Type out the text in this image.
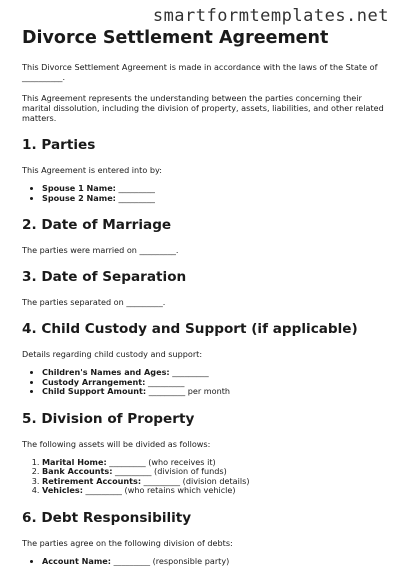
smartformtemplates.net
Divorce Settlement Agreement

This Divorce Settlement Agreement is made in accordance with the laws of the State of __________.

This Agreement represents the understanding between the parties concerning their marital dissolution, including the division of property, assets, liabilities, and other related matters.

1. Parties

This Agreement is entered into by:

• Spouse 1 Name: _________
• Spouse 2 Name: _________
2. Date of Marriage

The parties were married on _________.

3. Date of Separation

The parties separated on _________.

4. Child Custody and Support (if applicable)

Details regarding child custody and support:

• Children's Names and Ages: _________
• Custody Arrangement: _________
• Child Support Amount: _________ per month
5. Division of Property

The following assets will be divided as follows:

1. Marital Home: _________ (who receives it)
2. Bank Accounts: _________ (division of funds)
3. Retirement Accounts: _________ (division details)
4. Vehicles: _________ (who retains which vehicle)
6. Debt Responsibility

The parties agree on the following division of debts:

• Account Name: _________ (responsible party)
